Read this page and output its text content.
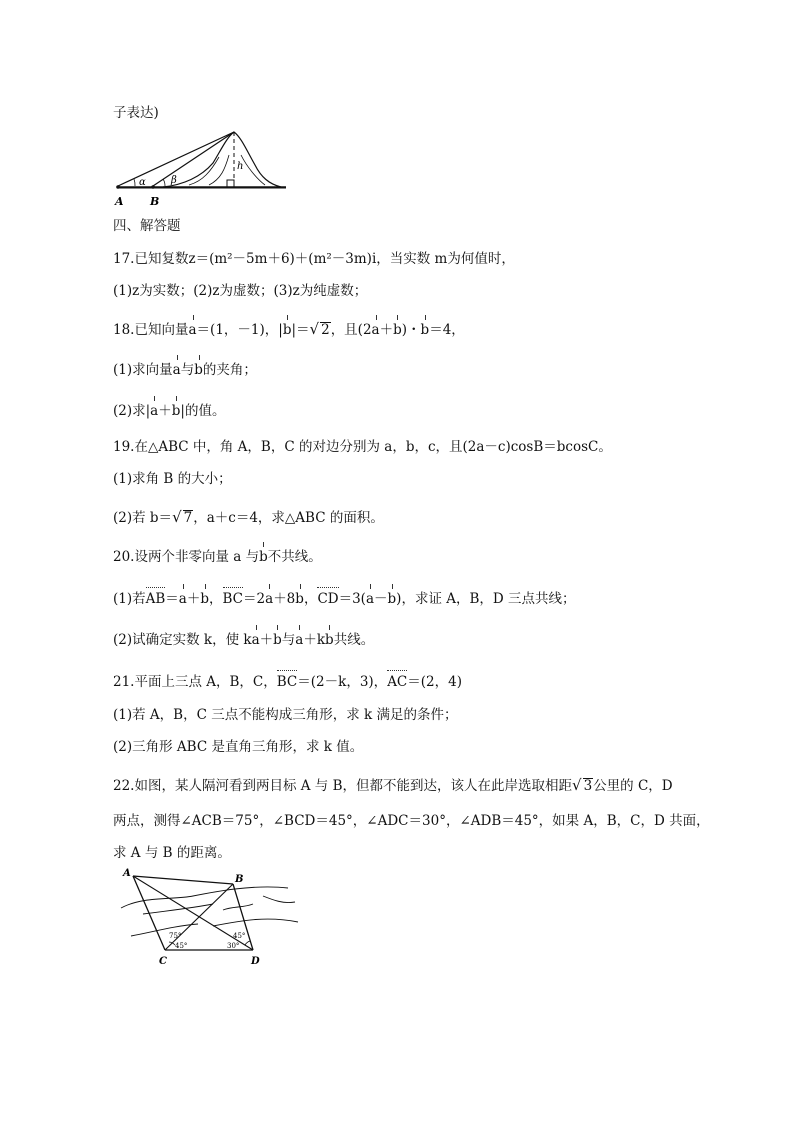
子表达)
A B
α	β
h
四、解答题
17.已知复数z＝(m²－5m＋6)＋(m²－3m)i，当实数 m为何值时，
(1)z为实数；(2)z为虚数；(3)z为纯虚数；
18.已知向量a＝(1，－1)，|b|＝√ 2，且(2a＋b)・b＝4，
(1)求向量a与b的夹角；
(2)求|a＋b|的值。
19.在△ABC 中，角 A，B，C 的对边分别为 a，b，c，且(2a－c)cosB＝bcosC。
(1)求角 B 的大小；
(2)若 b＝√ 7，a＋c＝4，求△ABC 的面积。
20.设两个非零向量 a 与b不共线。
(1)若AB＝a＋b，BC＝2a＋8b，CD＝3(a－b)，求证 A，B，D 三点共线；
(2)试确定实数 k，使 ka＋b与a＋kb共线。
21.平面上三点 A，B，C，BC＝(2－k，3)，AC＝(2，4)
(1)若 A，B，C 三点不能构成三角形，求 k 满足的条件；
(2)三角形 ABC 是直角三角形，求 k 值。
22.如图，某人隔河看到两目标 A 与 B，但都不能到达，该人在此岸选取相距√ 3公里的 C，D
两点，测得∠ACB＝75°，∠BCD＝45°，∠ADC＝30°，∠ADB＝45°，如果 A，B，C，D 共面，
求 A 与 B 的距离。
A
B
C	D
75°
45°
45°
30°
